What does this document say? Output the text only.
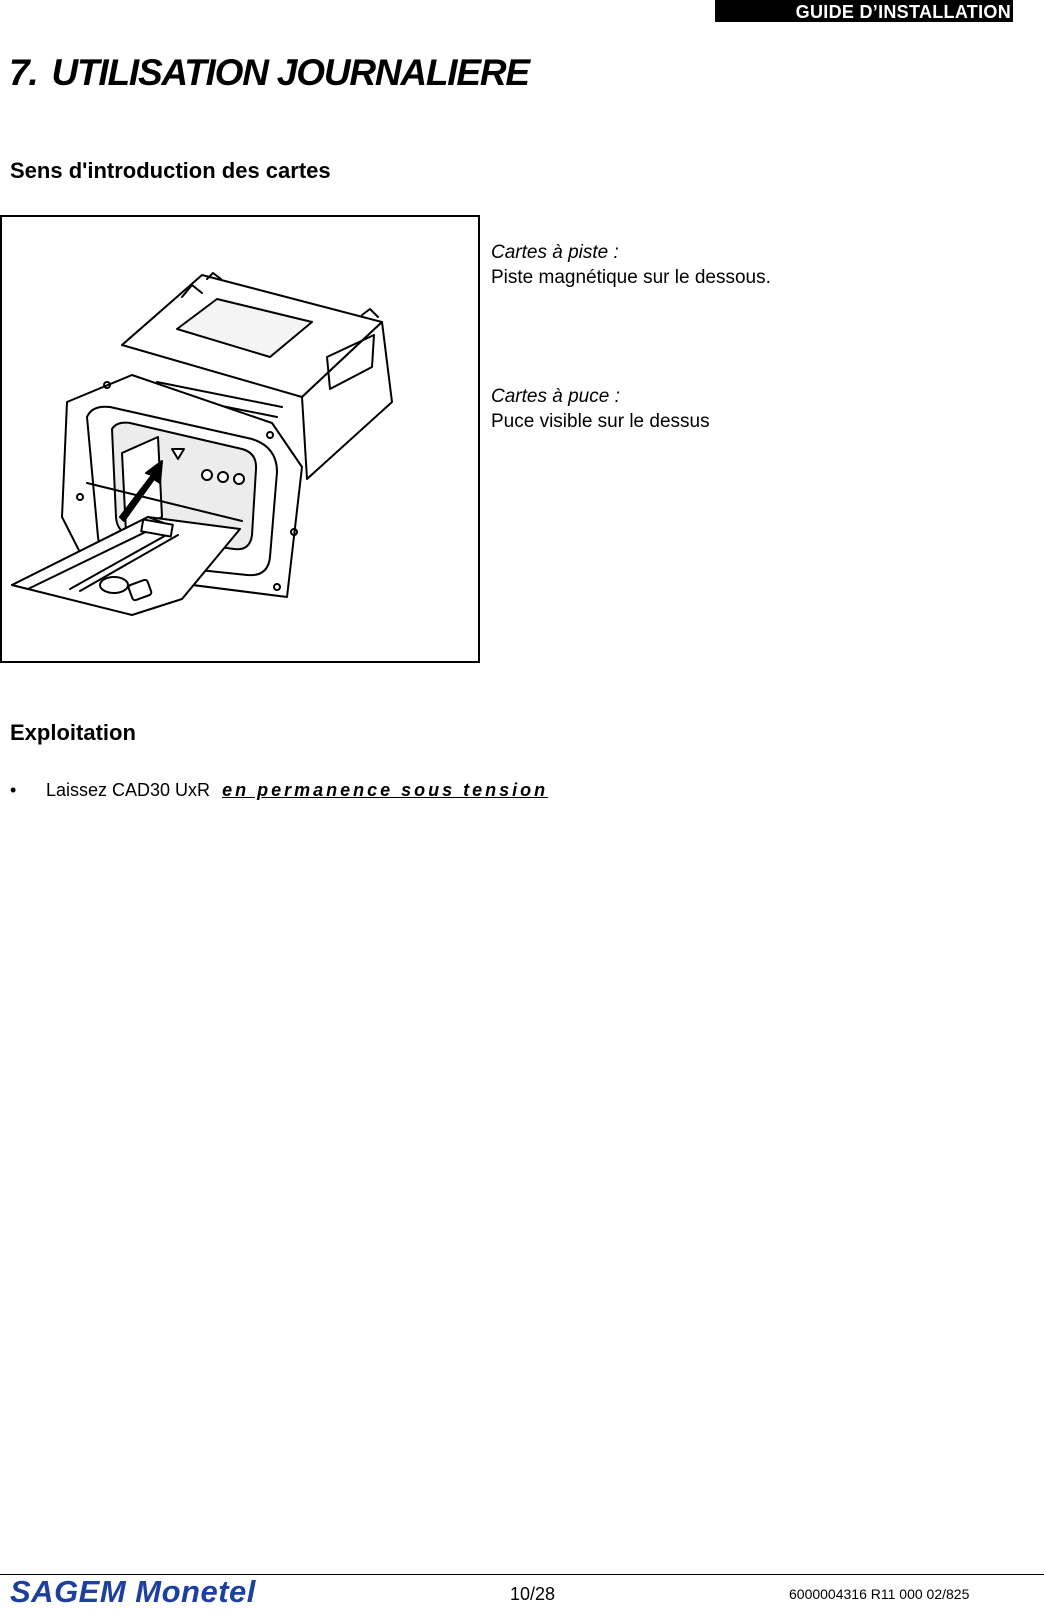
GUIDE D’INSTALLATION
7. UTILISATION JOURNALIERE
Sens d'introduction des cartes
Cartes à piste :
Piste magnétique sur le dessous.
Cartes à puce :
Puce visible sur le dessus
Exploitation
• Laissez CAD30 UxR en permanence sous tension
SAGEM Monetel	10/28	6000004316 R11 000 02/825
